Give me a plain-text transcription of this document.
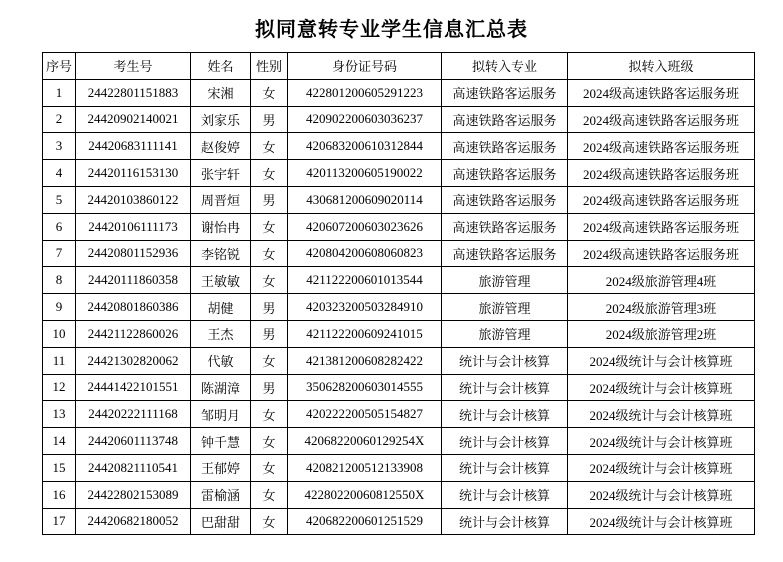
拟同意转专业学生信息汇总表
序号	考生号	姓名	性别	身份证号码	拟转入专业	拟转入班级
1	24422801151883	宋湘	女	422801200605291223	高速铁路客运服务	2024级高速铁路客运服务班
2	24420902140021	刘家乐	男	420902200603036237	高速铁路客运服务	2024级高速铁路客运服务班
3	24420683111141	赵俊婷	女	420683200610312844	高速铁路客运服务	2024级高速铁路客运服务班
4	24420116153130	张宇轩	女	420113200605190022	高速铁路客运服务	2024级高速铁路客运服务班
5	24420103860122	周晋烜	男	430681200609020114	高速铁路客运服务	2024级高速铁路客运服务班
6	24420106111173	谢怡冉	女	420607200603023626	高速铁路客运服务	2024级高速铁路客运服务班
7	24420801152936	李铭锐	女	420804200608060823	高速铁路客运服务	2024级高速铁路客运服务班
8	24420111860358	王敏敏	女	421122200601013544	旅游管理	2024级旅游管理4班
9	24420801860386	胡健	男	420323200503284910	旅游管理	2024级旅游管理3班
10	24421122860026	王杰	男	421122200609241015	旅游管理	2024级旅游管理2班
11	24421302820062	代敏	女	421381200608282422	统计与会计核算	2024级统计与会计核算班
12	24441422101551	陈湖漳	男	350628200603014555	统计与会计核算	2024级统计与会计核算班
13	24420222111168	邹明月	女	420222200505154827	统计与会计核算	2024级统计与会计核算班
14	24420601113748	钟千慧	女	42068220060129254X	统计与会计核算	2024级统计与会计核算班
15	24420821110541	王郁婷	女	420821200512133908	统计与会计核算	2024级统计与会计核算班
16	24422802153089	雷榆涵	女	42280220060812550X	统计与会计核算	2024级统计与会计核算班
17	24420682180052	巴甜甜	女	420682200601251529	统计与会计核算	2024级统计与会计核算班
